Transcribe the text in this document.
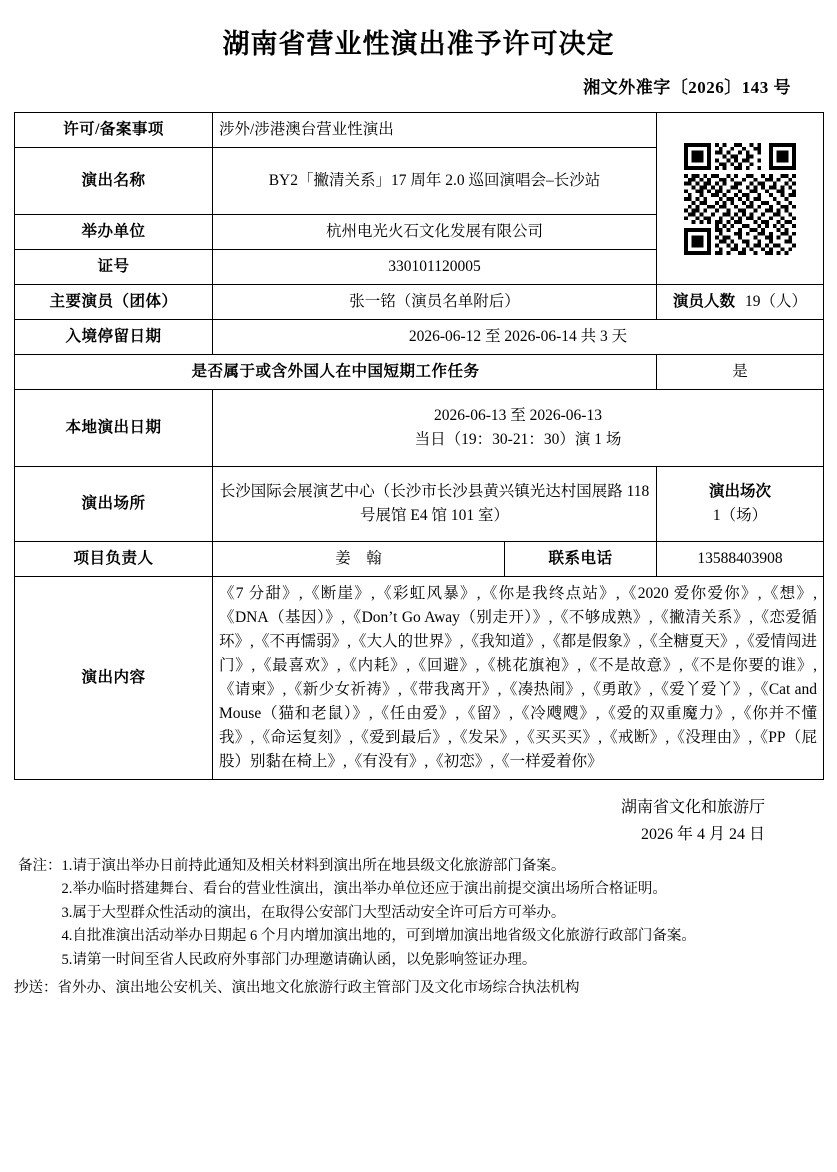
湖南省营业性演出准予许可决定
湘文外准字〔2026〕143 号
许可/备案事项	涉外/涉港澳台营业性演出	

演出名称	BY2「撇清关系」17 周年 2.0 巡回演唱会–长沙站		
举办单位	杭州电光火石文化发展有限公司		
证号	330101120005		
主要演员（团体）	张一铭（演员名单附后）		演员人数 19（人）
入境停留日期	2026-06-12 至 2026-06-14 共 3 天		
是否属于或含外国人在中国短期工作任务			是
本地演出日期	2026-06-13 至 2026-06-13
当日（19：30-21：30）演 1 场		

演出场所	长沙国际会展演艺中心（长沙市长沙县黄兴镇光达村国展路 118 号展馆 E4 馆 101 室）		演出场次
1（场）

项目负责人	姜　翰	联系电话	13588403908
演出内容	《7 分甜》,《断崖》,《彩虹风暴》,《你是我终点站》,《2020 爱你爱你》,《想》,《DNA（基因）》,《Don’t Go Away（别走开）》,《不够成熟》,《撇清关系》,《恋爱循环》,《不再懦弱》,《大人的世界》,《我知道》,《都是假象》,《全糖夏天》,《爱情闯进门》,《最喜欢》,《内耗》,《回避》,《桃花旗袍》,《不是故意》,《不是你要的谁》,《请柬》,《新少女祈祷》,《带我离开》,《凑热闹》,《勇敢》,《爱丫爱丫》,《Cat and Mouse（猫和老鼠）》,《任由爱》,《留》,《冷飕飕》,《爱的双重魔力》,《你并不懂我》,《命运复刻》,《爱到最后》,《发呆》,《买买买》,《戒断》,《没理由》,《PP（屁股）别黏在椅上》,《有没有》,《初恋》,《一样爱着你》		
湖南省文化和旅游厅
2026 年 4 月 24 日
备注： 1.请于演出举办日前持此通知及相关材料到演出所在地县级文化旅游部门备案。
2.举办临时搭建舞台、看台的营业性演出，演出举办单位还应于演出前提交演出场所合格证明。
3.属于大型群众性活动的演出，在取得公安部门大型活动安全许可后方可举办。
4.自批准演出活动举办日期起 6 个月内增加演出地的，可到增加演出地省级文化旅游行政部门备案。
5.请第一时间至省人民政府外事部门办理邀请确认函，以免影响签证办理。
抄送：省外办、演出地公安机关、演出地文化旅游行政主管部门及文化市场综合执法机构
